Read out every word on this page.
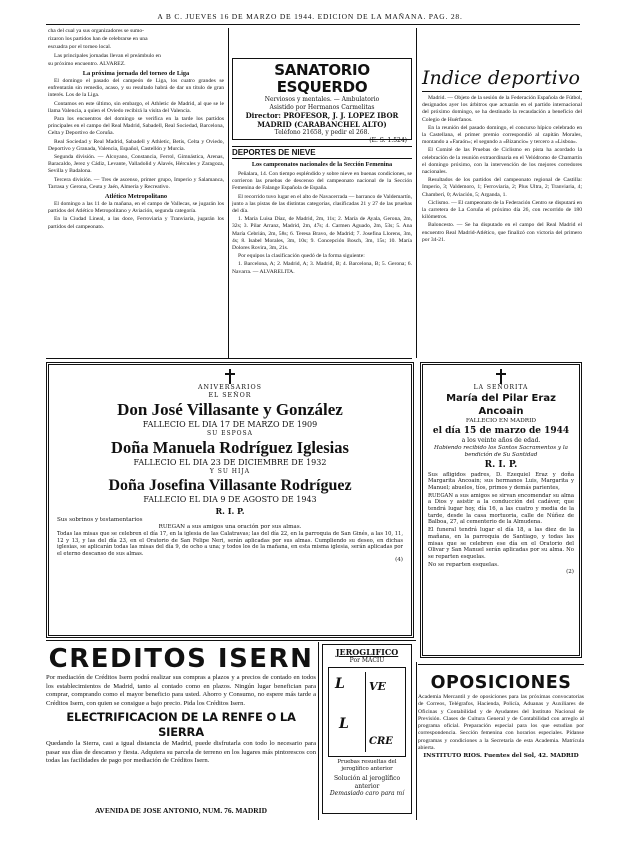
A B C. JUEVES 16 DE MARZO DE 1944. EDICION DE LA MAÑANA. PAG. 28.

cha del cual ya sus organizadores se sumo-

rizaron los partidos han de celebrarse en una

escuadra por el torneo local.

Las principales jornadas llevan el preámbulo en

su próximo encuentro. ALVAREZ.

La próxima jornada del torneo de Liga

El domingo el pasado del campeón de Liga, los cuatro grandes se enfrentarán sin remedio, acaso, y su resultado habrá de dar un título de gran interés. Los de la Liga.

Contamos en este último, sin embargo, el Athletic de Madrid, al que se le llama Valencia, a quien el Oviedo recibirá la visita del Valencia.

Para los encuentros del domingo se verifica en la tarde los partidos principales en el campo del Real Madrid, Sabadell, Real Sociedad, Barcelona, Celta y Deportivo de Coruña.

Real Sociedad y Real Madrid, Sabadell y Athletic, Betis, Celta y Oviedo, Deportivo y Granada, Valencia, Español, Castellón y Murcia.

Segunda división. — Alcoyano, Constancia, Ferrol, Gimnástica, Arenas, Baracaldo, Jerez y Cádiz, Levante, Valladolid y Alavés, Hércules y Zaragoza, Sevilla y Badalona.

Tercera división. — Tres de ascenso, primer grupo, Imperio y Salamanca, Tarrasa y Gerona, Ceuta y Jaén, Almería y Recreativo.

Atlético Metropolitano

El domingo a las 11 de la mañana, en el campo de Vallecas, se jugarán los partidos del Atlético Metropolitano y Aviación, segunda categoría.

En la Ciudad Lineal, a las doce, Ferroviaria y Tranviaria, jugarán los partidos del campeonato.

SANATORIO ESQUERDO
Nerviosos y mentales. — Ambulatorio
Asistido por Hermanos Carmelitas
Director: PROFESOR, J. J. LOPEZ IBOR
MADRID (CARABANCHEL ALTO)
Teléfono 21658, y pedir el 268.
(E. S. 1.524)
DEPORTES DE NIEVE
Los campeonatos nacionales de la Sección Femenina

Peñalara, 14. Con tiempo espléndido y sobre nieve en buenas condiciones, se corrieron las pruebas de descenso del campeonato nacional de la Sección Femenina de Falange Española de España.

El recorrido tuvo lugar en el alto de Navacerrada — barranco de Valdemartín, junto a las pistas de las distintas categorías, clasificadas 21 y 27 de las pruebas del día.

1. María Luisa Díaz, de Madrid, 2m, 11s; 2. María de Ayala, Gerona, 2m, 32s; 3. Pilar Arranz, Madrid, 2m, 47s; 4. Carmen Aguado, 2m, 53s; 5. Ana María Cebrián, 2m, 58s; 6. Teresa Bravo, de Madrid; 7. Josefina Llorens, 3m, 4s; 8. Isabel Morales, 3m, 10s; 9. Concepción Bosch, 3m, 15s; 10. María Dolores Rovira, 3m, 21s.

Por equipos la clasificación quedó de la forma siguiente:

1. Barcelona, A; 2. Madrid, A; 3. Madrid, B; 4. Barcelona, B; 5. Gerona; 6. Navarra. — ALVARELITA.

Indice deportivo

Madrid. — Objeto de la sesión de la Federación Española de Fútbol, designados ayer los árbitros que actuarán en el partido internacional del próximo domingo, se ha destinado la recaudación a beneficio del Colegio de Huérfanos.

En la reunión del pasado domingo, el concurso hípico celebrado en la Castellana, el primer premio correspondió al capitán Morales, montando a «Faraón»; el segundo a «Bizancio» y tercero a «Lisboa».

El Comité de las Pruebas de Ciclismo en pista ha acordado la celebración de la reunión extraordinaria en el Velódromo de Chamartín el domingo próximo, con la intervención de los mejores corredores nacionales.

Resultados de los partidos del campeonato regional de Castilla: Imperio, 3; Valdemoro, 1; Ferroviaria, 2; Plus Ultra, 2; Tranviaria, 4; Chamberí, 0; Aviación, 5; Arganda, 1.

Ciclismo. — El campeonato de la Federación Centro se disputará en la carretera de La Coruña el próximo día 26, con recorrido de 180 kilómetros.

Baloncesto. — Se ha disputado en el campo del Real Madrid el encuentro Real Madrid-Atlético, que finalizó con victoria del primero por 34-21.

ANIVERSARIOS
EL SEÑOR
Don José Villasante y González
FALLECIO EL DIA 17 DE MARZO DE 1909
SU ESPOSA
Doña Manuela Rodríguez Iglesias
FALLECIO EL DIA 23 DE DICIEMBRE DE 1932
Y SU HIJA
Doña Josefina Villasante Rodríguez
FALLECIO EL DIA 9 DE AGOSTO DE 1943
R. I. P.
Sus sobrinos y testamentarios
RUEGAN a sus amigos una oración por sus almas.
Todas las misas que se celebren el día 17, en la iglesia de las Calatravas; las del día 22, en la parroquia de San Ginés, a las 10, 11, 12 y 13, y las del día 23, en el Oratorio de San Felipe Neri, serán aplicadas por sus almas. Cumpliendo su deseo, en dichas iglesias, se aplicarán todas las misas del día 9, de ocho a una; y todos los de la mañana, en esta misma iglesia, serán aplicadas por el eterno descanso de sus almas.
(4)
LA SEÑORITA
María del Pilar Eraz Ancoain
FALLECIO EN MADRID
el día 15 de marzo de 1944
a los veinte años de edad.
Habiendo recibido los Santos Sacramentos y la bendición de Su Santidad
R. I. P.
Sus afligidos padres, D. Ezequiel Eraz y doña Margarita Ancoain; sus hermanos Luis, Margarita y Manuel; abuelos, tíos, primos y demás parientes,
RUEGAN a sus amigos se sirvan encomendar su alma a Dios y asistir a la conducción del cadáver, que tendrá lugar hoy, día 16, a las cuatro y media de la tarde, desde la casa mortuoria, calle de Núñez de Balboa, 27, al cementerio de la Almudena.
El funeral tendrá lugar el día 18, a las diez de la mañana, en la parroquia de Santiago, y todas las misas que se celebren ese día en el Oratorio del Olivar y San Manuel serán aplicadas por su alma. No se reparten esquelas.
No se reparten esquelas.
(2)
CREDITOS ISERN
Por mediación de Créditos Isern podrá realizar sus compras a plazos y a precios de contado en todos los establecimientos de Madrid, tanto al contado como en plazos. Ningún lugar benefician para comprar, comprando como el mayor beneficio para usted. Ahorro y Consumo, no espere más tarde a Créditos Isern, con quien se consigue a bajo precio. Pida los Créditos Isern.
ELECTRIFICACION DE LA RENFE O LA SIERRA
Quedando la Sierra, casi a igual distancia de Madrid, puede disfrutarla con todo lo necesario para pasar sus días de descanso y fiesta. Adquiera su parcela de terreno en los lugares más pintorescos con todas las facilidades de pago por mediación de Créditos Isern.
AVENIDA DE JOSE ANTONIO, NUM. 76. MADRID
JEROGLIFICO
Por MACIU
L VE
L
CRE
Pruebas resueltas del jeroglífico anterior
Solución al jeroglífico anterior
Demasiado caro para mí
OPOSICIONES
Academia Mercantil y de oposiciones para las próximas convocatorias de Correos, Telégrafos, Hacienda, Policía, Aduanas y Auxiliares de Oficinas y Contabilidad y de Ayudantes del Instituto Nacional de Previsión. Clases de Cultura General y de Contabilidad con arreglo al programa oficial. Preparación especial para los que estudian por correspondencia. Sección femenina con horarios especiales. Pídanse programas y condiciones a la Secretaría de esta Academia. Matrícula abierta.
INSTITUTO RIOS. Fuentes del Sol, 42. MADRID
